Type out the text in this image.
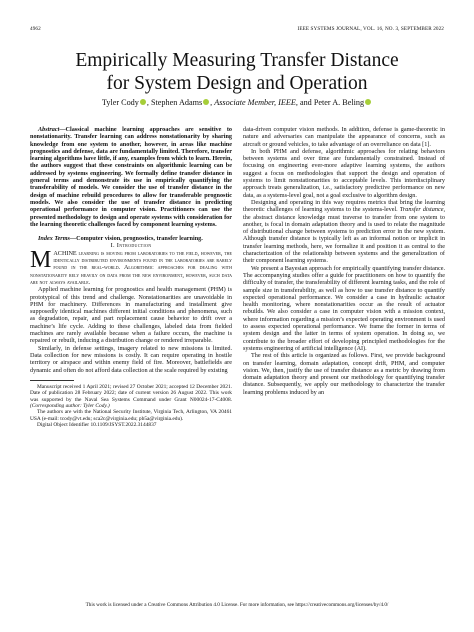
4962	IEEE SYSTEMS JOURNAL, VOL. 16, NO. 3, SEPTEMBER 2022
Empirically Measuring Transfer Distance
for System Design and Operation
Tyler Cody , Stephen Adams , Associate Member, IEEE, and Peter A. Beling

Abstract—Classical machine learning approaches are sensitive to nonstationarity. Transfer learning can address nonstationarity by sharing knowledge from one system to another, however, in areas like machine prognostics and defense, data are fundamentally limited. Therefore, transfer learning algorithms have little, if any, examples from which to learn. Herein, the authors suggest that these constraints on algorithmic learning can be addressed by systems engineering. We formally define transfer distance in general terms and demonstrate its use in empirically quantifying the transferability of models. We consider the use of transfer distance in the design of machine rebuild procedures to allow for transferable prognostic models. We also consider the use of transfer distance in predicting operational performance in computer vision. Practitioners can use the presented methodology to design and operate systems with consideration for the learning theoretic challenges faced by component learning systems.

Index Terms—Computer vision, prognostics, transfer learning.

I. Introduction

MACHINE learning is moving from laboratories to the field, however, the identically distributed environments found in the laboratories are rarely found in the real-world. Algorithmic approaches for dealing with nonstationarity rely heavily on data from the new environment, however, such data are not always available.

Applied machine learning for prognostics and health management (PHM) is prototypical of this trend and challenge. Nonstationarities are unavoidable in PHM for machinery. Differences in manufacturing and installment give supposedly identical machines different initial conditions and phenomena, such as degradation, repair, and part replacement cause behavior to drift over a machine’s life cycle. Adding to these challenges, labeled data from fielded machines are rarely available because when a failure occurs, the machine is repaired or rebuilt, inducing a distribution change or rendered irreparable.

Similarly, in defense settings, imagery related to new missions is limited. Data collection for new missions is costly. It can require operating in hostile territory or airspace and within enemy field of fire. Moreover, battlefields are dynamic and often do not afford data collection at the scale required by existing

Manuscript received 1 April 2021; revised 27 October 2021; accepted 12 December 2021. Date of publication 28 February 2022; date of current version 26 August 2022. This work was supported by the Naval Sea Systems Command under Grant N00024-17-C4008. (Corresponding author: Tyler Cody.)

The authors are with the National Security Institute, Virginia Tech, Arlington, VA 20461 USA (e-mail: tcody@vt.edu; sca2c@virginia.edu; pb5a@virginia.edu).

Digital Object Identifier 10.1109/JSYST.2022.3144837

data-driven computer vision methods. In addition, defense is game-theoretic in nature and adversaries can manipulate the appearance of concerns, such as aircraft or ground vehicles, to take advantage of an overreliance on data [1].

In both PHM and defense, algorithmic approaches for relating behaviors between systems and over time are fundamentally constrained. Instead of focusing on engineering ever-more adaptive learning systems, the authors suggest a focus on methodologies that support the design and operation of systems to limit nonstationarities to acceptable levels. This interdisciplinary approach treats generalization, i.e., satisfactory predictive performance on new data, as a systems-level goal, not a goal exclusive to algorithm design.

Designing and operating in this way requires metrics that bring the learning theoretic challenges of learning systems to the systems-level. Transfer distance, the abstract distance knowledge must traverse to transfer from one system to another, is focal in domain adaptation theory and is used to relate the magnitude of distributional change between systems to prediction error in the new system. Although transfer distance is typically left as an informal notion or implicit in transfer learning methods, here, we formalize it and position it as central to the characterization of the relationship between systems and the generalization of their component learning systems.

We present a Bayesian approach for empirically quantifying transfer distance. The accompanying studies offer a guide for practitioners on how to quantify the difficulty of transfer, the transferability of different learning tasks, and the role of sample size in transferability, as well as how to use transfer distance to quantify expected operational performance. We consider a case in hydraulic actuator health monitoring, where nonstationarities occur as the result of actuator rebuilds. We also consider a case in computer vision with a mission context, where information regarding a mission’s expected operating environment is used to assess expected operational performance. We frame the former in terms of system design and the latter in terms of system operation. In doing so, we contribute to the broader effort of developing principled methodologies for the systems engineering of artificial intelligence (AI).

The rest of this article is organized as follows. First, we provide background on transfer learning, domain adaptation, concept drift, PHM, and computer vision. We, then, justify the use of transfer distance as a metric by drawing from domain adaptation theory and present our methodology for quantifying transfer distance. Subsequently, we apply our methodology to characterize the transfer learning problems induced by an

This work is licensed under a Creative Commons Attribution 4.0 License. For more information, see https://creativecommons.org/licenses/by/4.0/
